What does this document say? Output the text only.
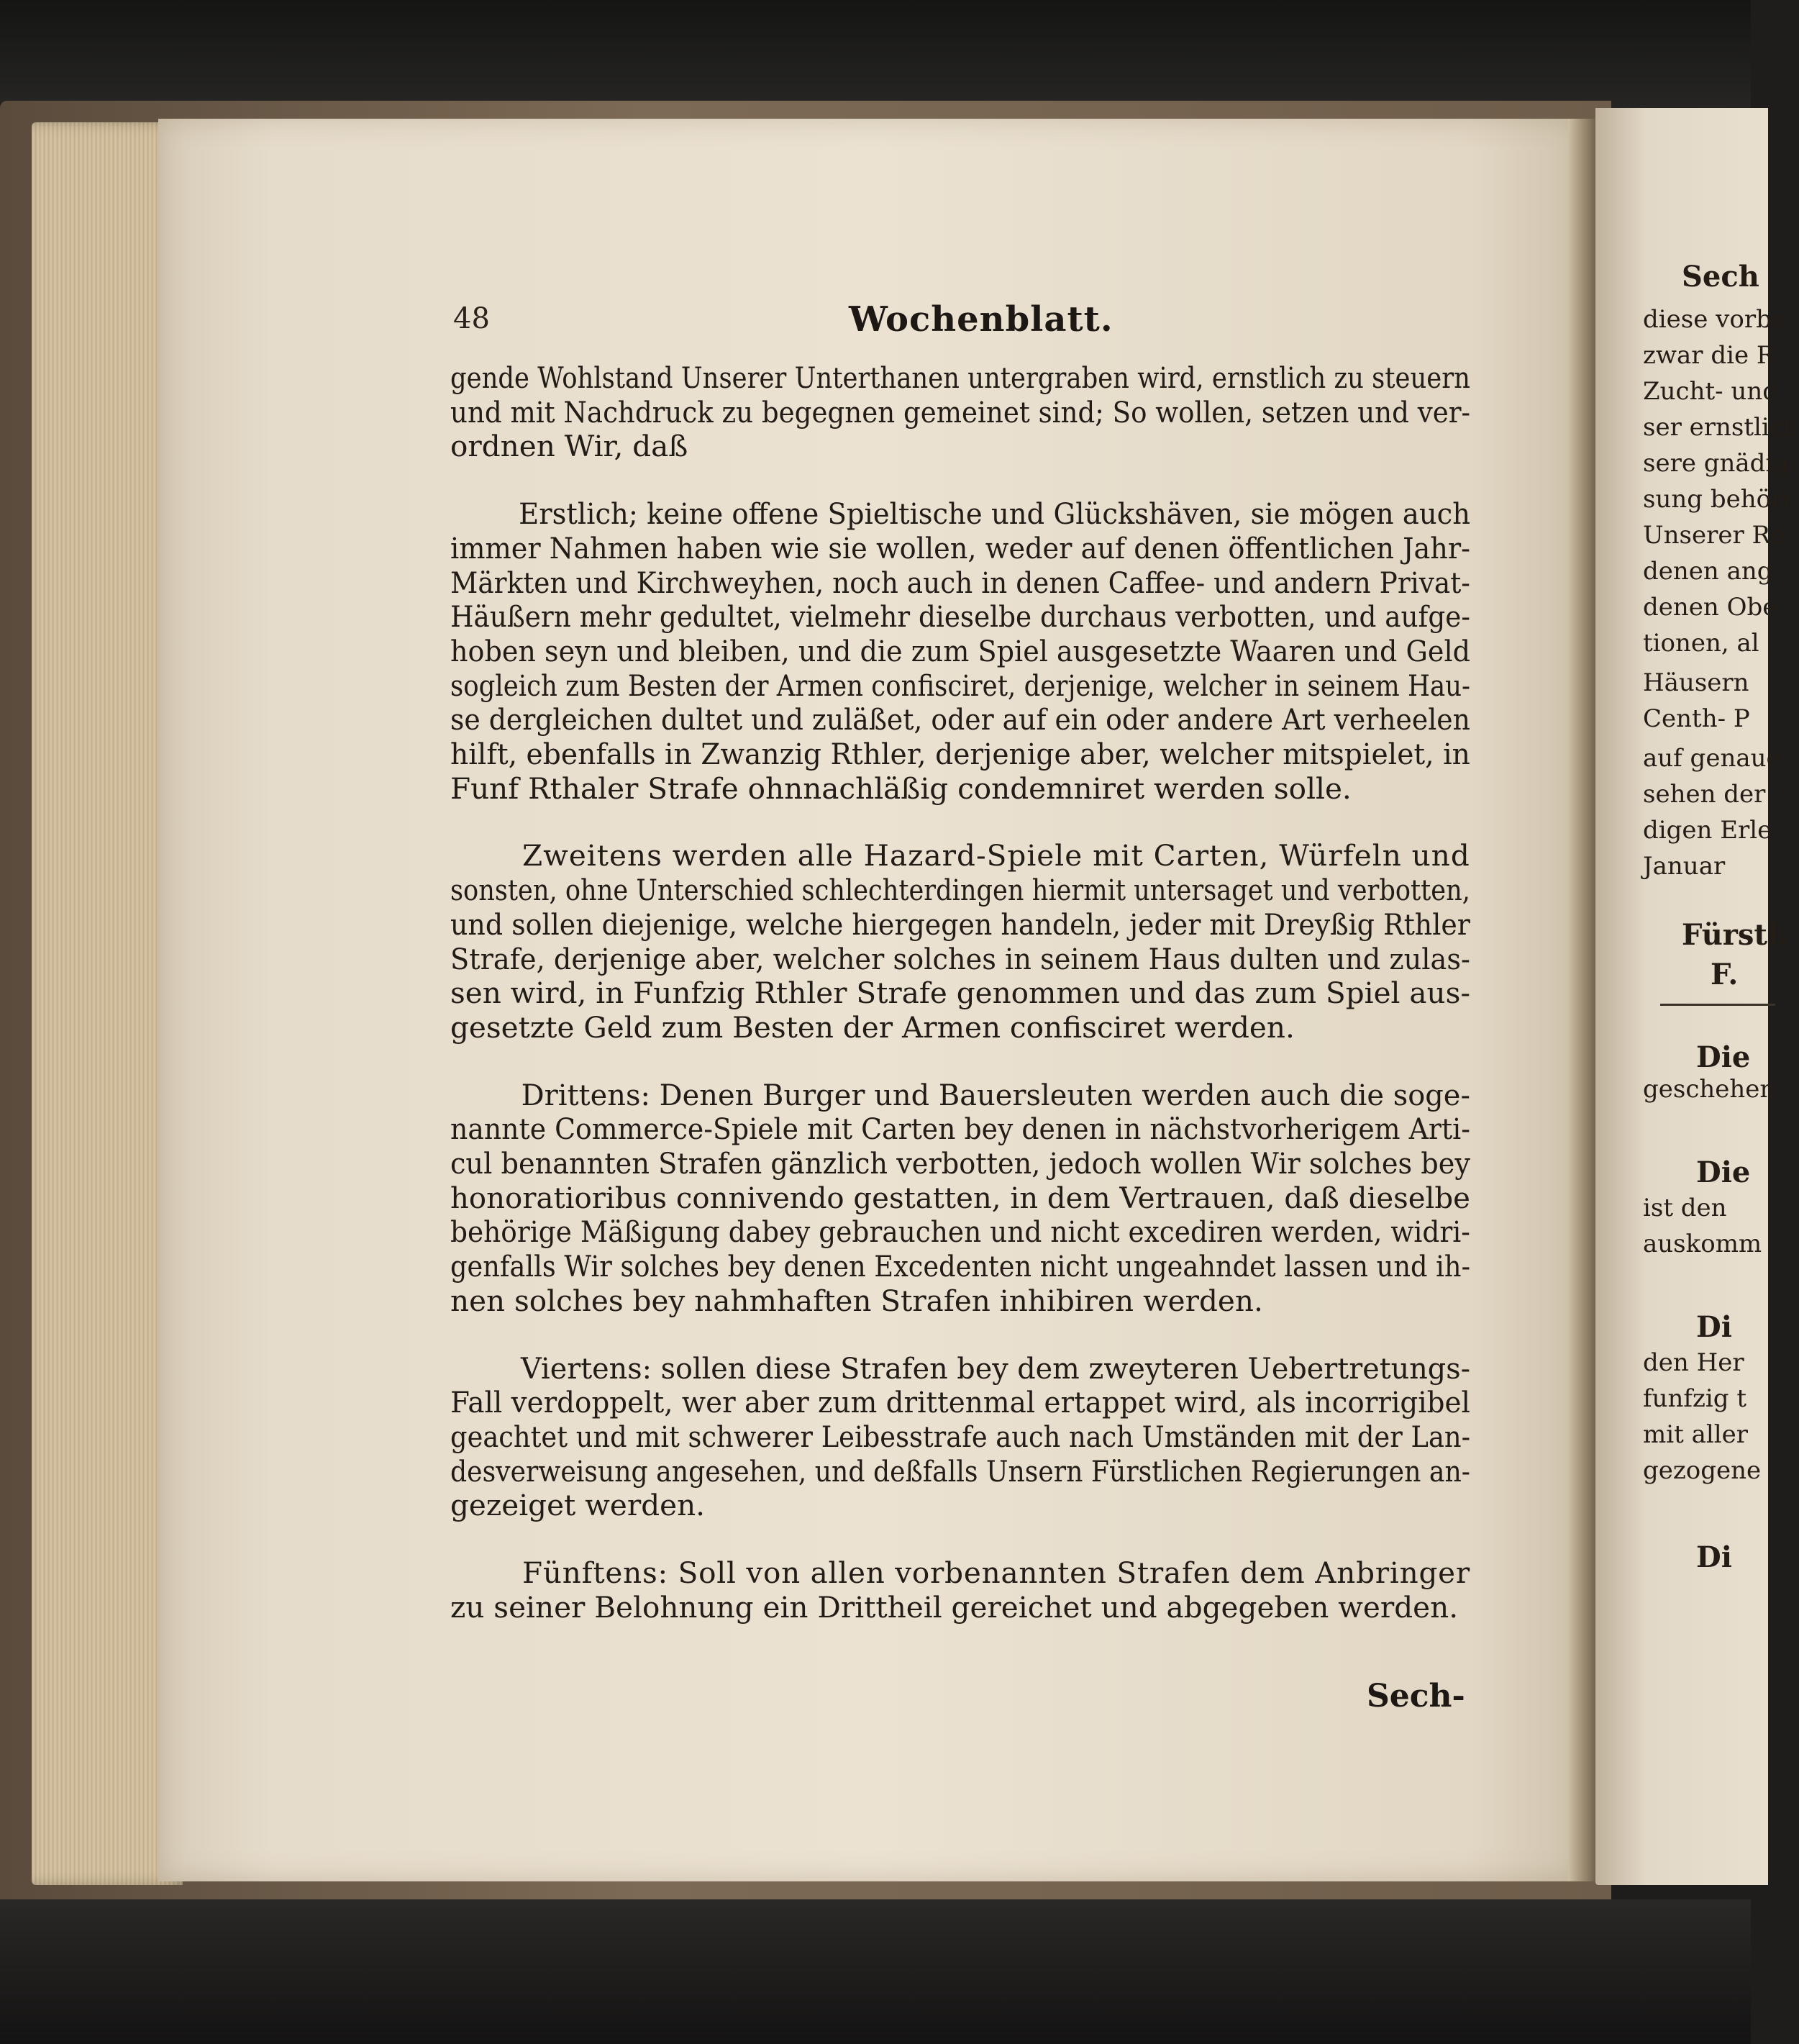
Sech
diese vorbe
zwar die R
Zucht- und
ser ernstlich
sere gnädig
sung behöri
Unserer Re
denen ang
denen Obe
tionen, al
Häusern
Centh- P
auf genaue
sehen der
digen Erle
Januar
Fürstl.
F.
Die
geschehen
Die
ist den
auskomm
Di
den Her
funfzig t
mit aller
gezogene
Di
48	Wochenblatt.
gende Wohlstand Unserer Unterthanen untergraben wird, ernstlich zu steuern
und mit Nachdruck zu begegnen gemeinet sind; So wollen, setzen und ver-
ordnen Wir, daß
Erstlich; keine offene Spieltische und Glückshäven, sie mögen auch
immer Nahmen haben wie sie wollen, weder auf denen öffentlichen Jahr-
Märkten und Kirchweyhen, noch auch in denen Caffee- und andern Privat-
Häußern mehr gedultet, vielmehr dieselbe durchaus verbotten, und aufge-
hoben seyn und bleiben, und die zum Spiel ausgesetzte Waaren und Geld
sogleich zum Besten der Armen confisciret, derjenige, welcher in seinem Hau-
se dergleichen dultet und zuläßet, oder auf ein oder andere Art verheelen
hilft, ebenfalls in Zwanzig Rthler, derjenige aber, welcher mitspielet, in
Funf Rthaler Strafe ohnnachläßig condemniret werden solle.
Zweitens werden alle Hazard-Spiele mit Carten, Würfeln und
sonsten, ohne Unterschied schlechterdingen hiermit untersaget und verbotten,
und sollen diejenige, welche hiergegen handeln, jeder mit Dreyßig Rthler
Strafe, derjenige aber, welcher solches in seinem Haus dulten und zulas-
sen wird, in Funfzig Rthler Strafe genommen und das zum Spiel aus-
gesetzte Geld zum Besten der Armen confisciret werden.
Drittens: Denen Burger und Bauersleuten werden auch die soge-
nannte Commerce-Spiele mit Carten bey denen in nächstvorherigem Arti-
cul benannten Strafen gänzlich verbotten, jedoch wollen Wir solches bey
honoratioribus connivendo gestatten, in dem Vertrauen, daß dieselbe
behörige Mäßigung dabey gebrauchen und nicht excediren werden, widri-
genfalls Wir solches bey denen Excedenten nicht ungeahndet lassen und ih-
nen solches bey nahmhaften Strafen inhibiren werden.
Viertens: sollen diese Strafen bey dem zweyteren Uebertretungs-
Fall verdoppelt, wer aber zum drittenmal ertappet wird, als incorrigibel
geachtet und mit schwerer Leibesstrafe auch nach Umständen mit der Lan-
desverweisung angesehen, und deßfalls Unsern Fürstlichen Regierungen an-
gezeiget werden.
Fünftens: Soll von allen vorbenannten Strafen dem Anbringer
zu seiner Belohnung ein Drittheil gereichet und abgegeben werden.
Sech-
